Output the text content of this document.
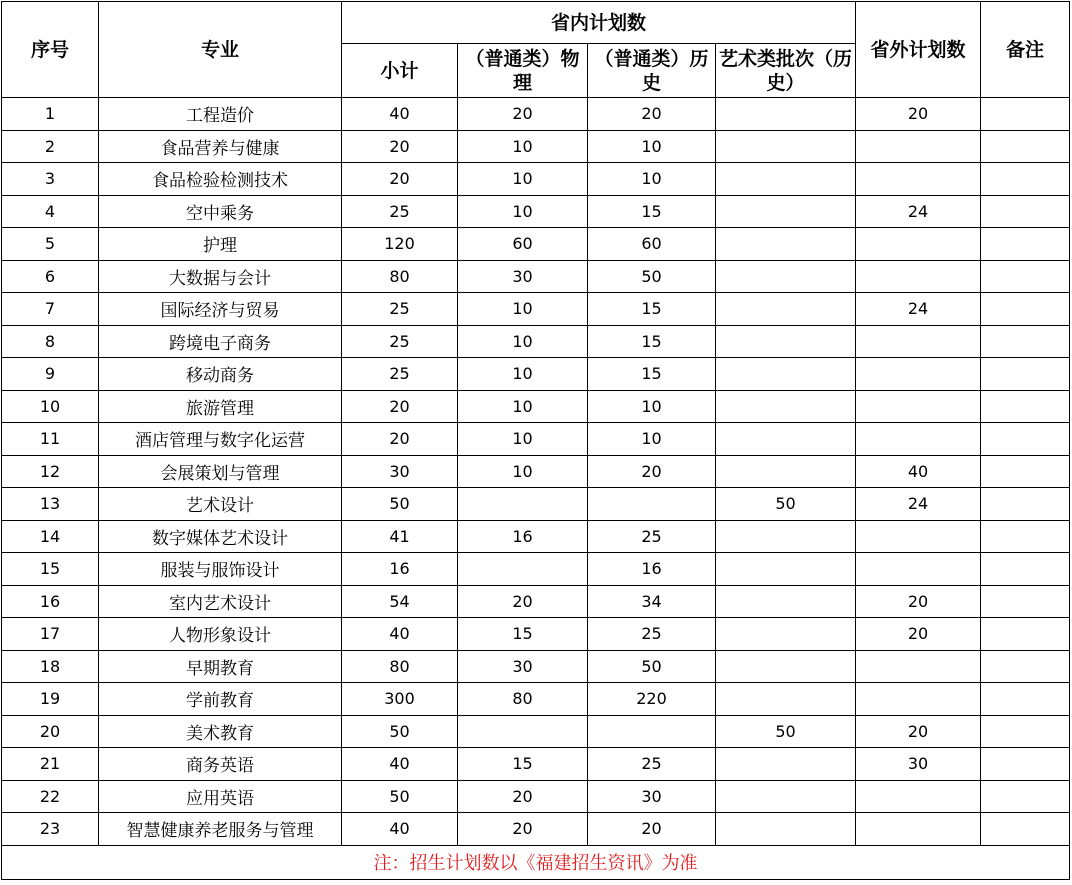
序号	专业	省内计划数				省外计划数	备注
		小计	（普通类）物理	（普通类）历史	艺术类批次（历史）		
1	工程造价	40	20	20		20	
2	食品营养与健康	20	10	10			
3	食品检验检测技术	20	10	10			
4	空中乘务	25	10	15		24	
5	护理	120	60	60			
6	大数据与会计	80	30	50			
7	国际经济与贸易	25	10	15		24	
8	跨境电子商务	25	10	15			
9	移动商务	25	10	15			
10	旅游管理	20	10	10			
11	酒店管理与数字化运营	20	10	10			
12	会展策划与管理	30	10	20		40	
13	艺术设计	50			50	24	
14	数字媒体艺术设计	41	16	25			
15	服装与服饰设计	16		16			
16	室内艺术设计	54	20	34		20	
17	人物形象设计	40	15	25		20	
18	早期教育	80	30	50			
19	学前教育	300	80	220			
20	美术教育	50			50	20	
21	商务英语	40	15	25		30	
22	应用英语	50	20	30			
23	智慧健康养老服务与管理	40	20	20			
注：招生计划数以《福建招生资讯》为准							
